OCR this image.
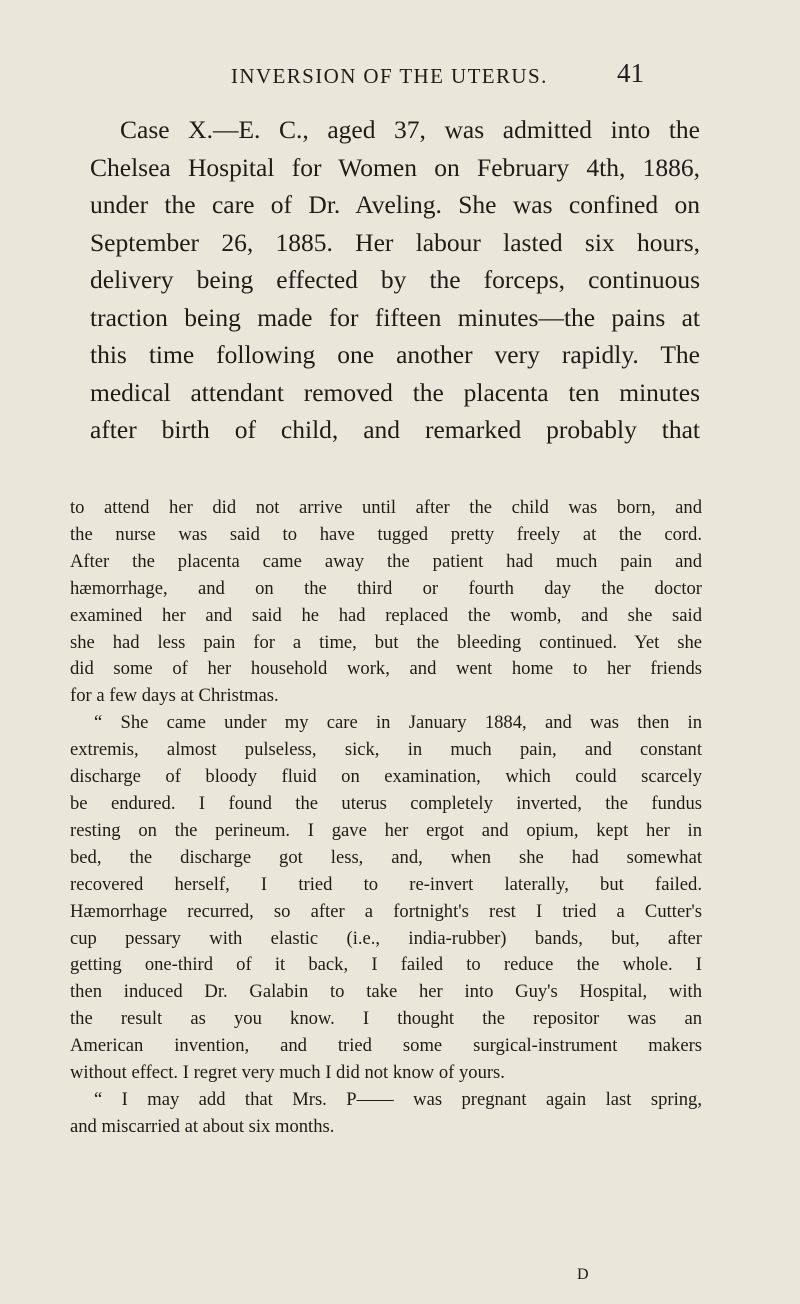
INVERSION OF THE UTERUS.	41
Case X.—E. C., aged 37, was admitted into the
Chelsea Hospital for Women on February 4th, 1886,
under the care of Dr. Aveling. She was confined on
September 26, 1885. Her labour lasted six hours,
delivery being effected by the forceps, continuous
traction being made for fifteen minutes—the pains at
this time following one another very rapidly. The
medical attendant removed the placenta ten minutes
after birth of child, and remarked probably that
to attend her did not arrive until after the child was born, and
the nurse was said to have tugged pretty freely at the cord.
After the placenta came away the patient had much pain and
hæmorrhage, and on the third or fourth day the doctor
examined her and said he had replaced the womb, and she said
she had less pain for a time, but the bleeding continued. Yet she
did some of her household work, and went home to her friends
for a few days at Christmas.
“ She came under my care in January 1884, and was then in
extremis, almost pulseless, sick, in much pain, and constant
discharge of bloody fluid on examination, which could scarcely
be endured. I found the uterus completely inverted, the fundus
resting on the perineum. I gave her ergot and opium, kept her in
bed, the discharge got less, and, when she had somewhat
recovered herself, I tried to re-invert laterally, but failed.
Hæmorrhage recurred, so after a fortnight's rest I tried a Cutter's
cup pessary with elastic (i.e., india-rubber) bands, but, after
getting one-third of it back, I failed to reduce the whole. I
then induced Dr. Galabin to take her into Guy's Hospital, with
the result as you know. I thought the repositor was an
American invention, and tried some surgical-instrument makers
without effect. I regret very much I did not know of yours.
“ I may add that Mrs. P—— was pregnant again last spring,
and miscarried at about six months.
D
